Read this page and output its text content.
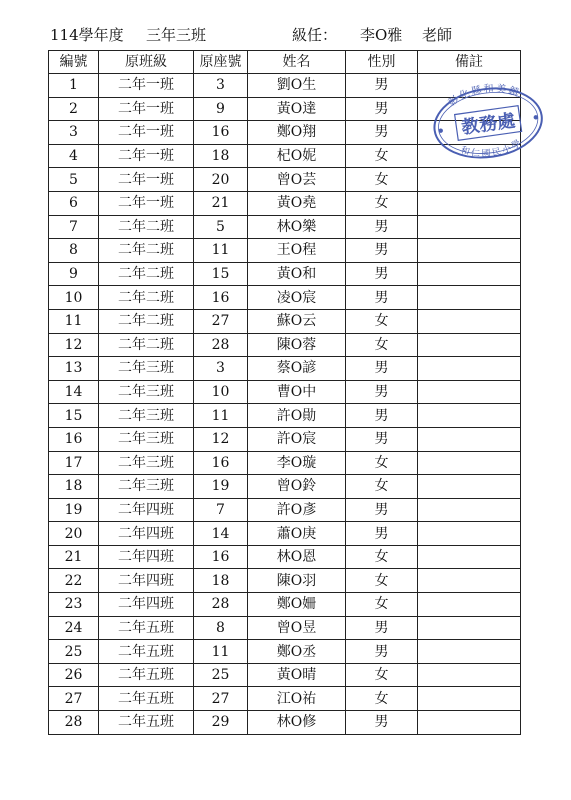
114學年度 三年三班	級任： 李O雅 老師
編號	原班級	原座號	姓名	性別	備註
1	二年一班	3	劉O生	男	
2	二年一班	9	黃O達	男	
3	二年一班	16	鄭O翔	男	
4	二年一班	18	杞O妮	女	
5	二年一班	20	曾O芸	女	
6	二年一班	21	黃O堯	女	
7	二年二班	5	林O樂	男	
8	二年二班	11	王O程	男	
9	二年二班	15	黃O和	男	
10	二年二班	16	凌O宸	男	
11	二年二班	27	蘇O云	女	
12	二年二班	28	陳O蓉	女	
13	二年三班	3	蔡O諺	男	
14	二年三班	10	曹O中	男	
15	二年三班	11	許O勛	男	
16	二年三班	12	許O宸	男	
17	二年三班	16	李O璇	女	
18	二年三班	19	曾O鈴	女	
19	二年四班	7	許O彥	男	
20	二年四班	14	蕭O庚	男	
21	二年四班	16	林O恩	女	
22	二年四班	18	陳O羽	女	
23	二年四班	28	鄭O姍	女	
24	二年五班	8	曾O昱	男	
25	二年五班	11	鄭O丞	男	
26	二年五班	25	黃O晴	女	
27	二年五班	27	江O祐	女	
28	二年五班	29	林O修	男	
彰化縣和美鎮
教務處
和仁國民小學
